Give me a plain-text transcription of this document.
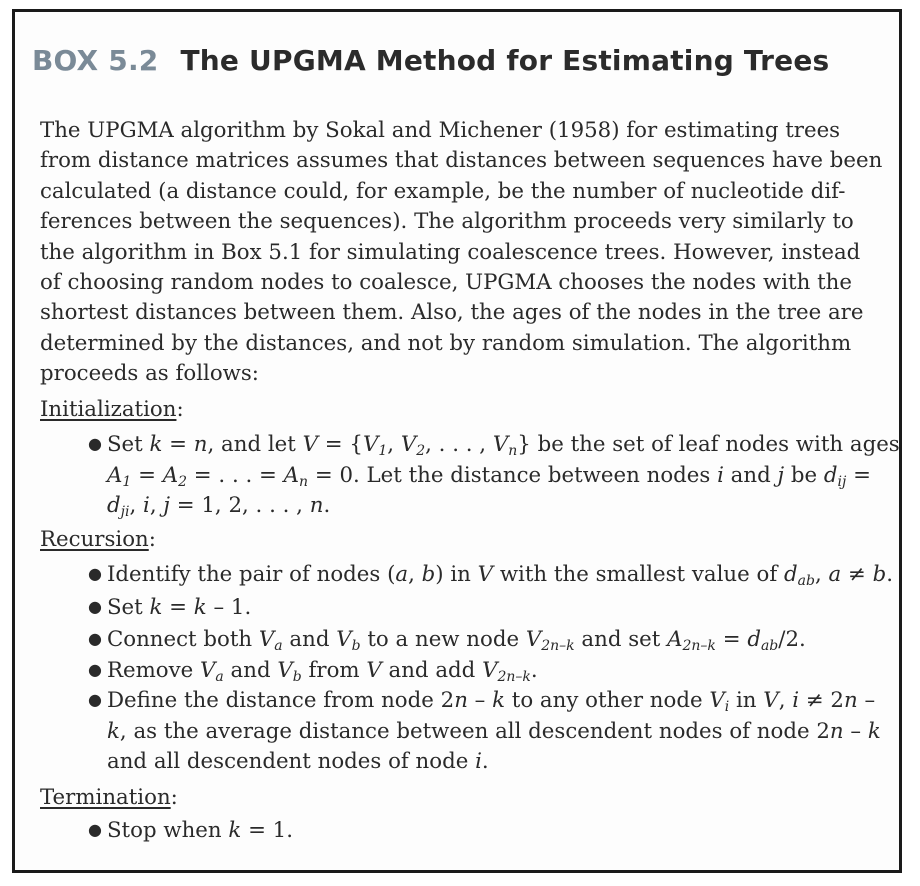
BOX 5.2 The UPGMA Method for Estimating Trees
The UPGMA algorithm by Sokal and Michener (1958) for estimating trees
from distance matrices assumes that distances between sequences have been
calculated (a distance could, for example, be the number of nucleotide dif-
ferences between the sequences). The algorithm proceeds very similarly to
the algorithm in Box 5.1 for simulating coalescence trees. However, instead
of choosing random nodes to coalesce, UPGMA chooses the nodes with the
shortest distances between them. Also, the ages of the nodes in the tree are
determined by the distances, and not by random simulation. The algorithm
proceeds as follows:
Initialization:
● Set k = n, and let $V = \{V_1$, $V_2$, . . . , $V_n$} be the set of leaf nodes with ages
$A_1 = A_2$ = . . . = $A_n = 0$. Let the distance between nodes i and j be $d_{ij}$ =
$d_{ji}$, i, j = 1, 2, . . . , n.
Recursion:
● Identify the pair of nodes (a, b) in V with the smallest value of $d_{ab}$, a ≠ b.
● Set k = k – 1.
● Connect both $V_a$ and $V_b$ to a new node $V_{2n-k}$ and set $A_{2n-k} = d_{ab}/2$.
● Remove $V_a$ and $V_b$ from V and add $V_{2n-k}$.
● Define the distance from node 2n – k to any other node $V_i$ in V, i ≠ 2n –
k, as the average distance between all descendent nodes of node 2n – k
and all descendent nodes of node i.
Termination:
● Stop when k = 1.
